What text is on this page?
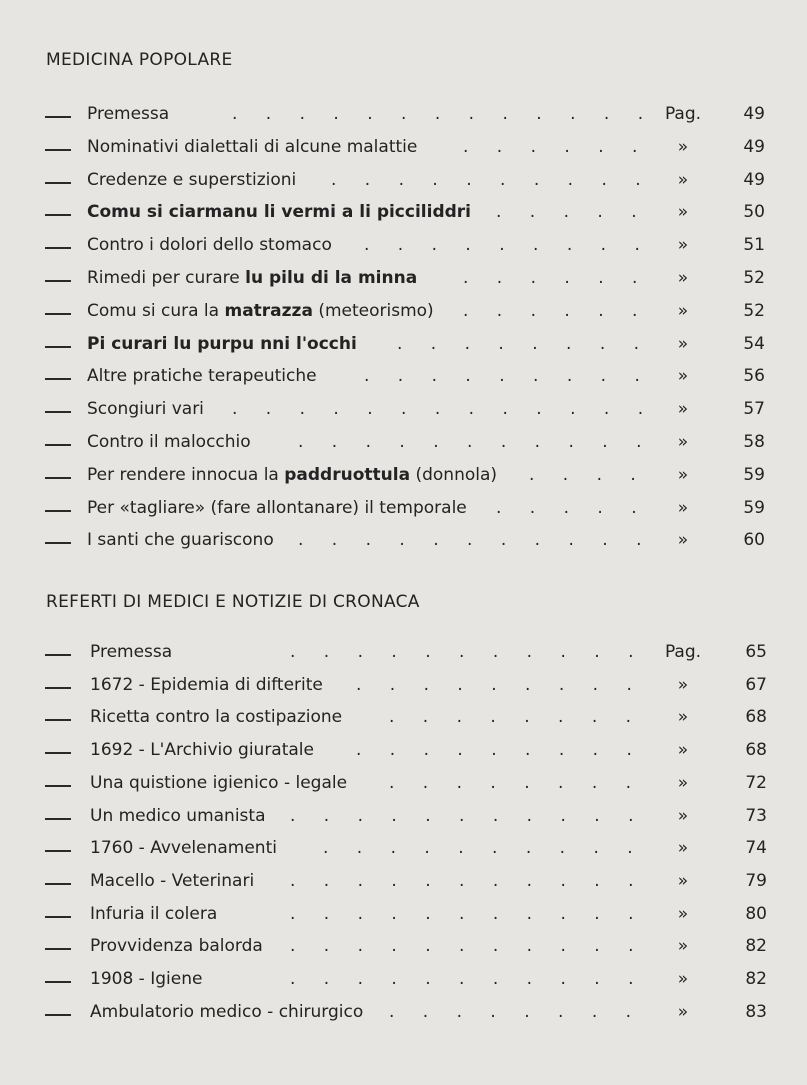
MEDICINA POPOLARE
Premessa	. . . . . . . . . . . . . Pag.	49
Nominativi dialettali di alcune malattie	. . . . . .	»	49
Credenze e superstizioni . . . . . . . . . .	»	49
Comu si ciarmanu li vermi a li picciliddri . . . . .	»	50
Contro i dolori dello stomaco . . . . . . . . .	»	51
Rimedi per curare lu pilu di la minna	. . . . . .	»	52
Comu si cura la matrazza (meteorismo) . . . . . .	»	52
Pi curari lu purpu nni l'occhi . . . . . . . .	»	54
Altre pratiche terapeutiche	. . . . . . . . .	»	56
Scongiuri vari . . . . . . . . . . . . .	»	57
Contro il malocchio	. . . . . . . . . . .	»	58
Per rendere innocua la paddruottula (donnola) . . . .	»	59
Per «tagliare» (fare allontanare) il temporale . . . . .	»	59
I santi che guariscono . . . . . . . . . . .	»	60
REFERTI DI MEDICI E NOTIZIE DI CRONACA
Premessa	. . . . . . . . . . . Pag.	65
1672 - Epidemia di difterite . . . . . . . . .	»	67
Ricetta contro la costipazione	. . . . . . . .	»	68
1692 - L'Archivio giuratale . . . . . . . . .	»	68
Una quistione igienico - legale . . . . . . . .	»	72
Un medico umanista . . . . . . . . . . .	»	73
1760 - Avvelenamenti	. . . . . . . . . .	»	74
Macello - Veterinari . . . . . . . . . . .	»	79
Infuria il colera	. . . . . . . . . . .	»	80
Provvidenza balorda . . . . . . . . . . .	»	82
1908 - Igiene	. . . . . . . . . . .	»	82
Ambulatorio medico - chirurgico . . . . . . . .	»	83
